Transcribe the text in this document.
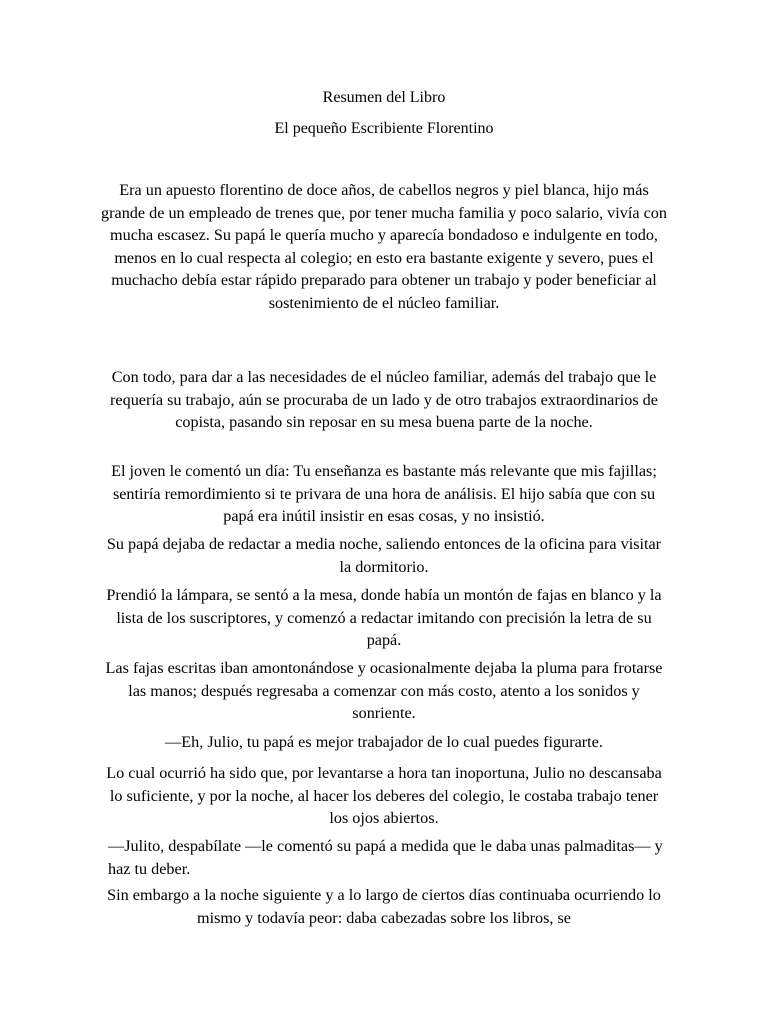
Resumen del Libro

El pequeño Escribiente Florentino

Era un apuesto florentino de doce años, de cabellos negros y piel blanca, hijo más grande de un empleado de trenes que, por tener mucha familia y poco salario, vivía con mucha escasez. Su papá le quería mucho y aparecía bondadoso e indulgente en todo, menos en lo cual respecta al colegio; en esto era bastante exigente y severo, pues el muchacho debía estar rápido preparado para obtener un trabajo y poder beneficiar al sostenimiento de el núcleo familiar.

Con todo, para dar a las necesidades de el núcleo familiar, además del trabajo que le requería su trabajo, aún se procuraba de un lado y de otro trabajos extraordinarios de copista, pasando sin reposar en su mesa buena parte de la noche.

El joven le comentó un día: Tu enseñanza es bastante más relevante que mis fajillas; sentiría remordimiento si te privara de una hora de análisis. El hijo sabía que con su papá era inútil insistir en esas cosas, y no insistió.

Su papá dejaba de redactar a media noche, saliendo entonces de la oficina para visitar la dormitorio.

Prendió la lámpara, se sentó a la mesa, donde había un montón de fajas en blanco y la lista de los suscriptores, y comenzó a redactar imitando con precisión la letra de su papá.

Las fajas escritas iban amontonándose y ocasionalmente dejaba la pluma para frotarse las manos; después regresaba a comenzar con más costo, atento a los sonidos y sonriente.

—Eh, Julio, tu papá es mejor trabajador de lo cual puedes figurarte.

Lo cual ocurrió ha sido que, por levantarse a hora tan inoportuna, Julio no descansaba lo suficiente, y por la noche, al hacer los deberes del colegio, le costaba trabajo tener los ojos abiertos.

—Julito, despabílate —le comentó su papá a medida que le daba unas palmaditas— y haz tu deber.

Sin embargo a la noche siguiente y a lo largo de ciertos días continuaba ocurriendo lo mismo y todavía peor: daba cabezadas sobre los libros, se
